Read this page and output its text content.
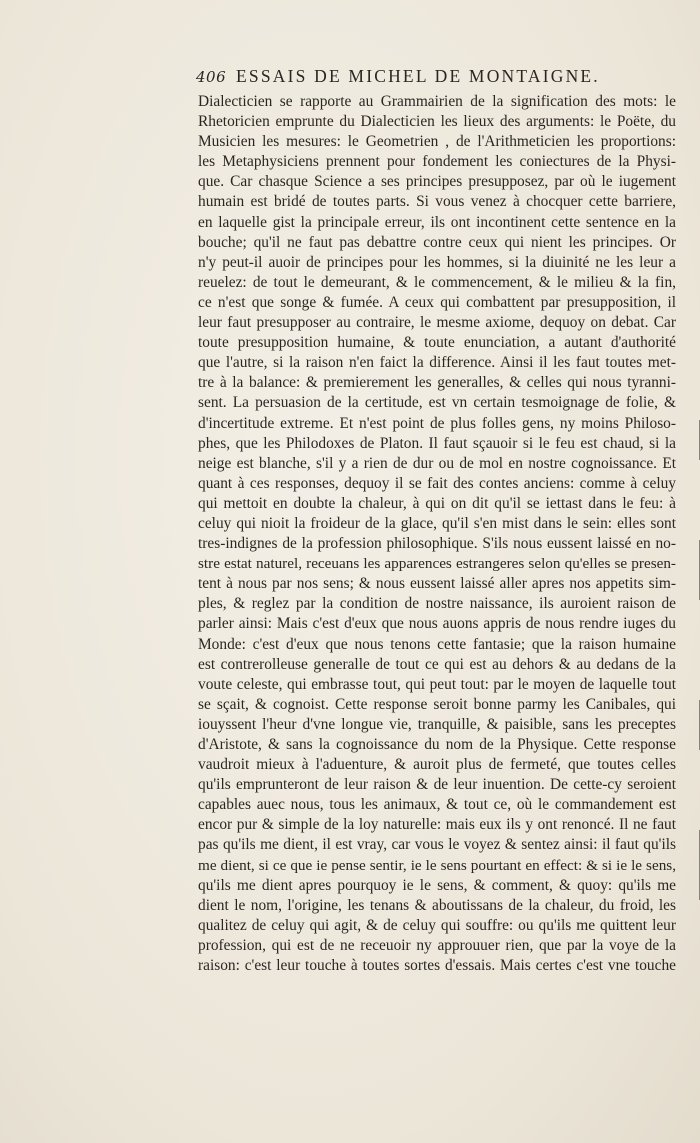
406 ESSAIS DE MICHEL DE MONTAIGNE.
Dialecticien se rapporte au Grammairien de la signification des mots: le
Rhetoricien emprunte du Dialecticien les lieux des arguments: le Poëte, du
Musicien les mesures: le Geometrien , de l'Arithmeticien les proportions:
les Metaphysiciens prennent pour fondement les coniectures de la Physi-
que. Car chasque Science a ses principes presupposez, par où le iugement
humain est bridé de toutes parts. Si vous venez à chocquer cette barriere,
en laquelle gist la principale erreur, ils ont incontinent cette sentence en la
bouche; qu'il ne faut pas debattre contre ceux qui nient les principes. Or
n'y peut-il auoir de principes pour les hommes, si la diuinité ne les leur a
reuelez: de tout le demeurant, & le commencement, & le milieu & la fin,
ce n'est que songe & fumée. A ceux qui combattent par presupposition, il
leur faut presupposer au contraire, le mesme axiome, dequoy on debat. Car
toute presupposition humaine, & toute enunciation, a autant d'authorité
que l'autre, si la raison n'en faict la difference. Ainsi il les faut toutes met-
tre à la balance: & premierement les generalles, & celles qui nous tyranni-
sent. La persuasion de la certitude, est vn certain tesmoignage de folie, &
d'incertitude extreme. Et n'est point de plus folles gens, ny moins Philoso-
phes, que les Philodoxes de Platon. Il faut sçauoir si le feu est chaud, si la
neige est blanche, s'il y a rien de dur ou de mol en nostre cognoissance. Et
quant à ces responses, dequoy il se fait des contes anciens: comme à celuy
qui mettoit en doubte la chaleur, à qui on dit qu'il se iettast dans le feu: à
celuy qui nioit la froideur de la glace, qu'il s'en mist dans le sein: elles sont
tres-indignes de la profession philosophique. S'ils nous eussent laissé en no-
stre estat naturel, receuans les apparences estrangeres selon qu'elles se presen-
tent à nous par nos sens; & nous eussent laissé aller apres nos appetits sim-
ples, & reglez par la condition de nostre naissance, ils auroient raison de
parler ainsi: Mais c'est d'eux que nous auons appris de nous rendre iuges du
Monde: c'est d'eux que nous tenons cette fantasie; que la raison humaine
est contrerolleuse generalle de tout ce qui est au dehors & au dedans de la
voute celeste, qui embrasse tout, qui peut tout: par le moyen de laquelle tout
se sçait, & cognoist. Cette response seroit bonne parmy les Canibales, qui
iouyssent l'heur d'vne longue vie, tranquille, & paisible, sans les preceptes
d'Aristote, & sans la cognoissance du nom de la Physique. Cette response
vaudroit mieux à l'aduenture, & auroit plus de fermeté, que toutes celles
qu'ils emprunteront de leur raison & de leur inuention. De cette-cy seroient
capables auec nous, tous les animaux, & tout ce, où le commandement est
encor pur & simple de la loy naturelle: mais eux ils y ont renoncé. Il ne faut
pas qu'ils me dient, il est vray, car vous le voyez & sentez ainsi: il faut qu'ils
me dient, si ce que ie pense sentir, ie le sens pourtant en effect: & si ie le sens,
qu'ils me dient apres pourquoy ie le sens, & comment, & quoy: qu'ils me
dient le nom, l'origine, les tenans & aboutissans de la chaleur, du froid, les
qualitez de celuy qui agit, & de celuy qui souffre: ou qu'ils me quittent leur
profession, qui est de ne receuoir ny approuuer rien, que par la voye de la
raison: c'est leur touche à toutes sortes d'essais. Mais certes c'est vne touche
